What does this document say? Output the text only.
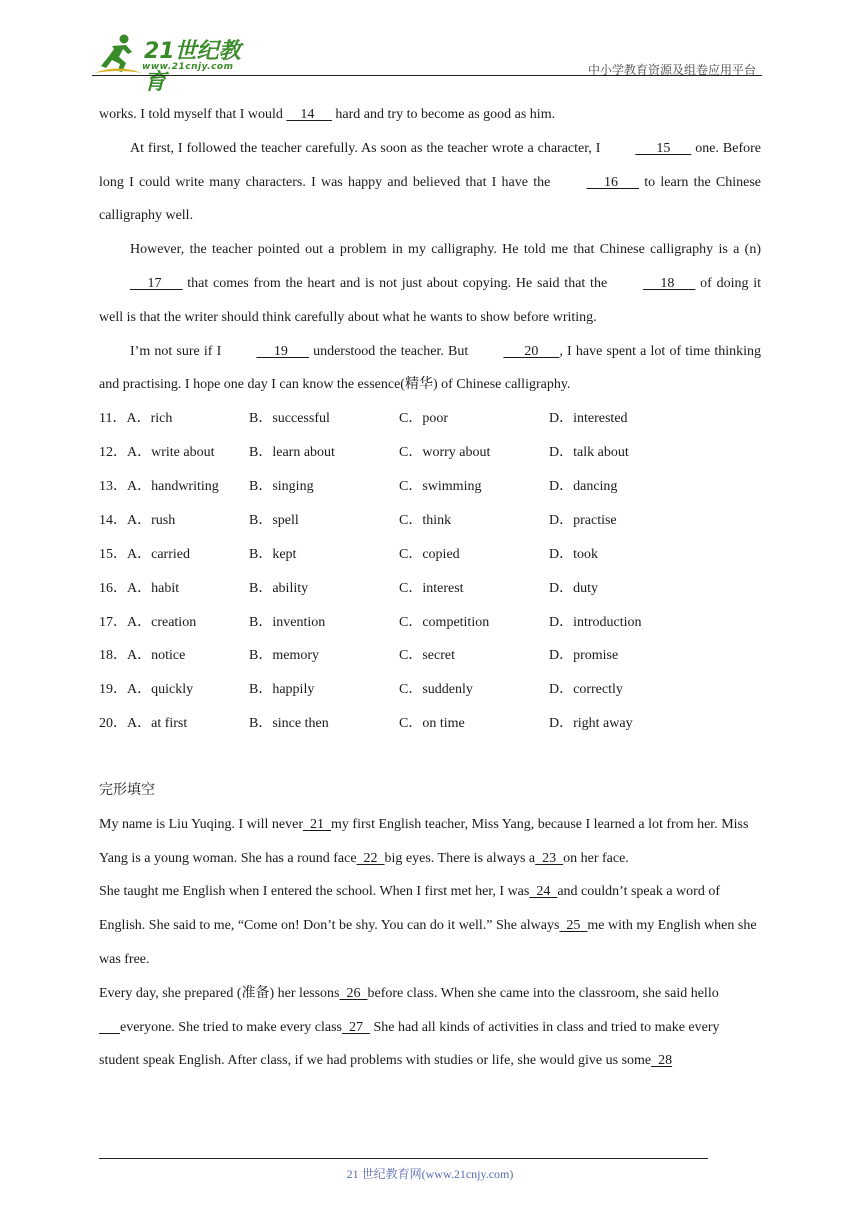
21世纪教育
www.21cnjy.com	中小学教育资源及组卷应用平台

works. I told myself that I would     14      hard and try to become as good as him.

At first, I followed the teacher carefully. As soon as the teacher wrote a character, I	15       one. Before long I could write many characters. I was happy and believed that I have the	16       to learn the Chinese calligraphy well.

However, the teacher pointed out a problem in my calligraphy. He told me that Chinese calligraphy is a (n)      17       that comes from the heart and is not just about copying. He said that the	18       of doing it well is that the writer should think carefully about what he wants to show before writing.

I’m not sure if I	19       understood the teacher. But	20 , I have spent a lot of time thinking and practising. I hope one day I can know the essence(精华) of Chinese calligraphy.

11．A．rich	B．successful	C．poor	D．interested
12．A．write about B．learn about	C．worry about	D．talk about
13．A．handwriting B．singing	C．swimming	D．dancing
14．A．rush	B．spell	C．think	D．practise
15．A．carried	B．kept	C．copied	D．took
16．A．habit	B．ability	C．interest	D．duty
17．A．creation	B．invention	C．competition	D．introduction
18．A．notice	B．memory	C．secret	D．promise
19．A．quickly	B．happily	C．suddenly	D．correctly
20．A．at first	B．since then	C．on time	D．right away
完形填空

My name is Liu Yuqing. I will never 21 my first English teacher, Miss Yang, because I learned a lot from her. Miss Yang is a young woman. She has a round face 22 big eyes. There is always a 23 on her face.

She taught me English when I entered the school. When I first met her, I was 24 and couldn’t speak a word of English. She said to me, “Come on! Don’t be shy. You can do it well.” She always 25 me with my English when she was free.

Every day, she prepared (准备) her lessons 26 before class. When she came into the classroom, she said hello      everyone. She tried to make every class 27   She had all kinds of activities in class and tried to make every student speak English. After class, if we had problems with studies or life, she would give us some 28

21 世纪教育网(www.21cnjy.com)
